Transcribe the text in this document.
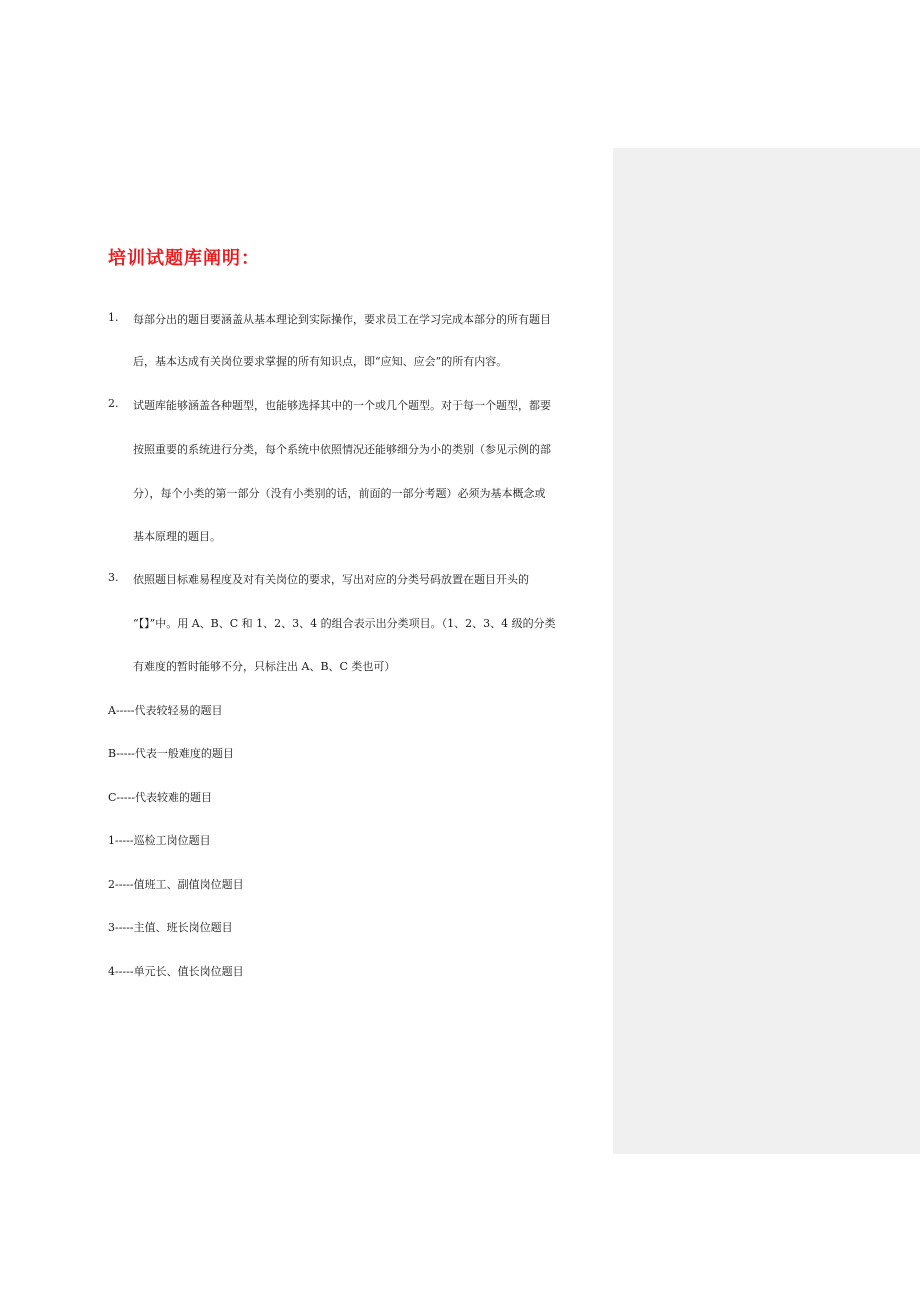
培训试题库阐明：
1. 每部分出的题目要涵盖从基本理论到实际操作，要求员工在学习完成本部分的所有题目
后，基本达成有关岗位要求掌握的所有知识点，即“应知、应会”的所有内容。
2. 试题库能够涵盖各种题型，也能够选择其中的一个或几个题型。对于每一个题型，都要
按照重要的系统进行分类，每个系统中依照情况还能够细分为小的类别（参见示例的部
分），每个小类的第一部分（没有小类别的话，前面的一部分考题）必须为基本概念或
基本原理的题目。
3. 依照题目标难易程度及对有关岗位的要求，写出对应的分类号码放置在题目开头的
“【】”中。用 A、B、C 和 1、2、3、4 的组合表示出分类项目。（1、2、3、4 级的分类
有难度的暂时能够不分，只标注出 A、B、C 类也可）
A-----代表较轻易的题目
B-----代表一般难度的题目
C-----代表较难的题目
1-----巡检工岗位题目
2-----值班工、副值岗位题目
3-----主值、班长岗位题目
4-----单元长、值长岗位题目
